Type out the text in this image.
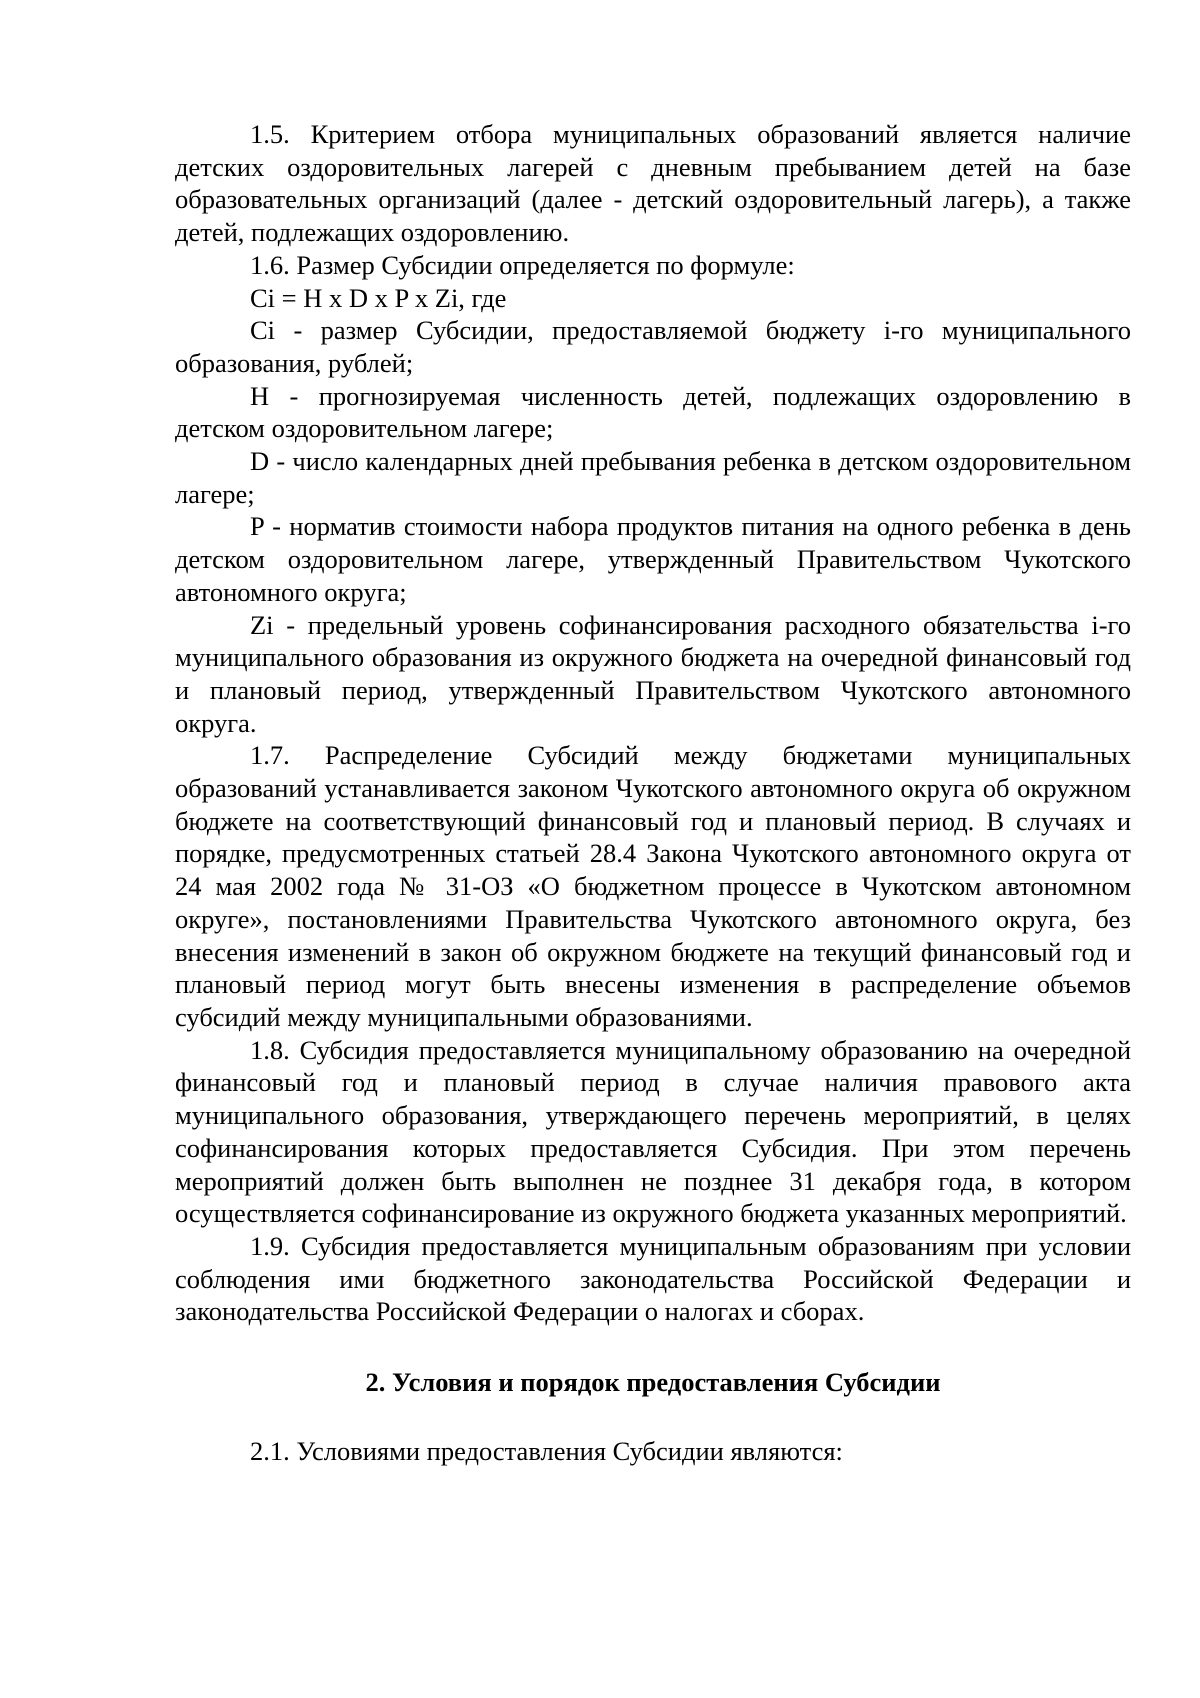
1.5. Критерием отбора муниципальных образований является наличие детских оздоровительных лагерей с дневным пребыванием детей на базе образовательных организаций (далее - детский оздоровительный лагерь), а также детей, подлежащих оздоровлению.

1.6. Размер Субсидии определяется по формуле:

Ci = H x D x P x Zi, где

Ci - размер Субсидии, предоставляемой бюджету i-го муниципального образования, рублей;

H - прогнозируемая численность детей, подлежащих оздоровлению в детском оздоровительном лагере;

D - число календарных дней пребывания ребенка в детском оздоровительном лагере;

P - норматив стоимости набора продуктов питания на одного ребенка в день детском оздоровительном лагере, утвержденный Правительством Чукотского автономного округа;

Zi - предельный уровень софинансирования расходного обязательства i-го муниципального образования из окружного бюджета на очередной финансовый год и плановый период, утвержденный Правительством Чукотского автономного округа.

1.7. Распределение Субсидий между бюджетами муниципальных образований устанавливается законом Чукотского автономного округа об окружном бюджете на соответствующий финансовый год и плановый период. В случаях и порядке, предусмотренных статьей 28.4 Закона Чукотского автономного округа от 24 мая 2002 года № 31-ОЗ «О бюджетном процессе в Чукотском автономном округе», постановлениями Правительства Чукотского автономного округа, без внесения изменений в закон об окружном бюджете на текущий финансовый год и плановый период могут быть внесены изменения в распределение объемов субсидий между муниципальными образованиями.

1.8. Субсидия предоставляется муниципальному образованию на очередной финансовый год и плановый период в случае наличия правового акта муниципального образования, утверждающего перечень мероприятий, в целях софинансирования которых предоставляется Субсидия. При этом перечень мероприятий должен быть выполнен не позднее 31 декабря года, в котором осуществляется софинансирование из окружного бюджета указанных мероприятий.

1.9. Субсидия предоставляется муниципальным образованиям при условии соблюдения ими бюджетного законодательства Российской Федерации и законодательства Российской Федерации о налогах и сборах.

2. Условия и порядок предоставления Субсидии

2.1. Условиями предоставления Субсидии являются:
